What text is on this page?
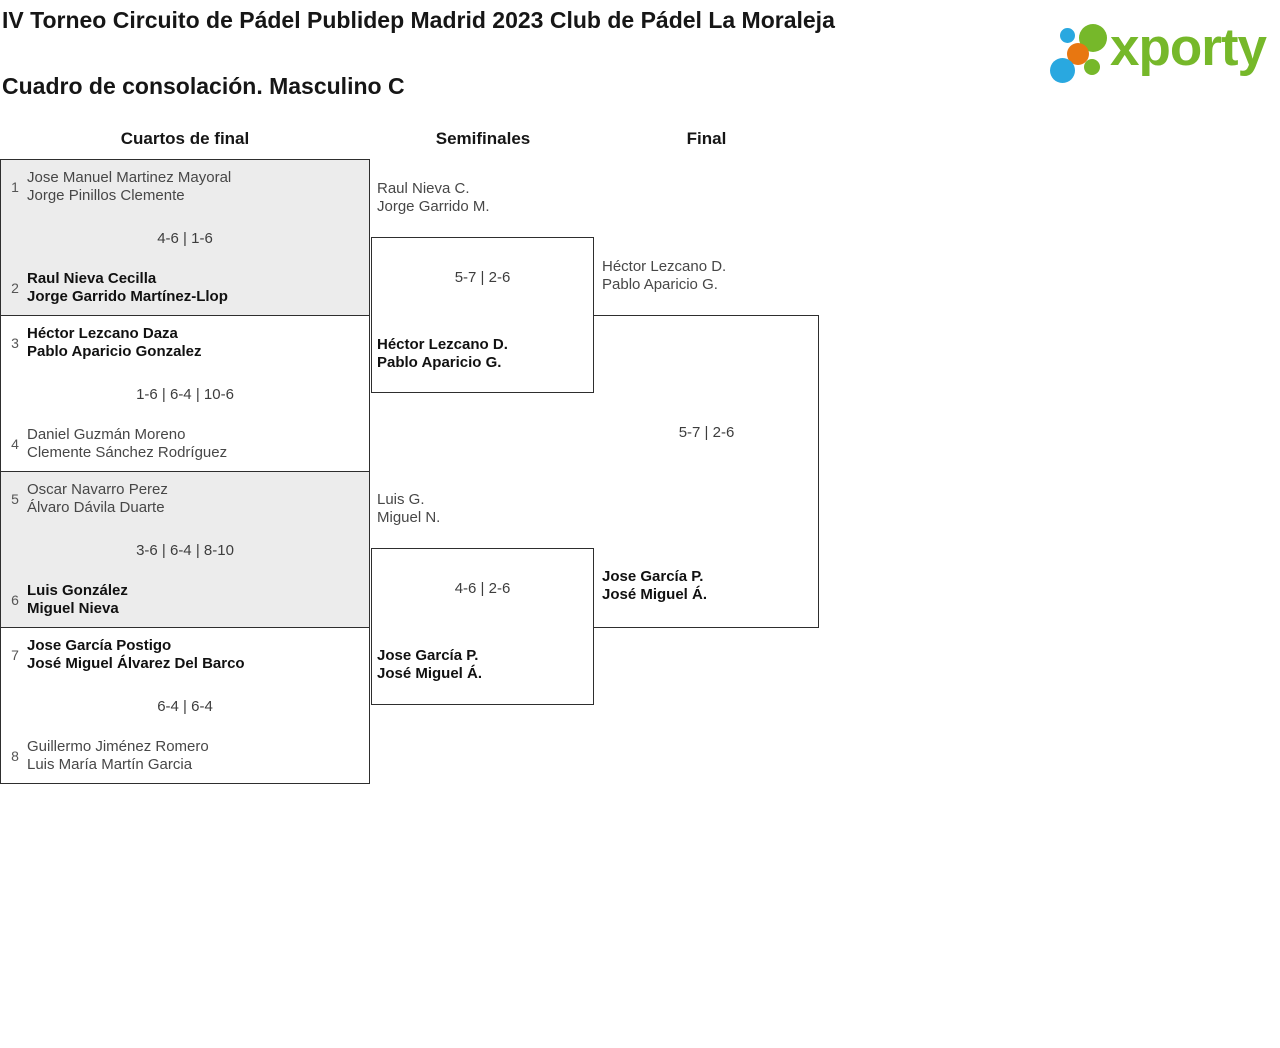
IV Torneo Circuito de Pádel Publidep Madrid 2023 Club de Pádel La Moraleja
Cuadro de consolación. Masculino C
xporty
Cuartos de final	Semifinales	Final
1
Jose Manuel Martinez Mayoral
Jorge Pinillos Clemente
4-6 | 1-6
2
Raul Nieva Cecilla
Jorge Garrido Martínez-Llop
3
Héctor Lezcano Daza
Pablo Aparicio Gonzalez
1-6 | 6-4 | 10-6
4
Daniel Guzmán Moreno
Clemente Sánchez Rodríguez
5
Oscar Navarro Perez
Álvaro Dávila Duarte
3-6 | 6-4 | 8-10
6
Luis González
Miguel Nieva
7
Jose García Postigo
José Miguel Álvarez Del Barco
6-4 | 6-4
8
Guillermo Jiménez Romero
Luis María Martín Garcia
Raul Nieva C.
Jorge Garrido M.
5-7 | 2-6
Héctor Lezcano D.
Pablo Aparicio G.
Luis G.
Miguel N.
4-6 | 2-6
Jose García P.
José Miguel Á.
Héctor Lezcano D.
Pablo Aparicio G.
5-7 | 2-6
Jose García P.
José Miguel Á.
